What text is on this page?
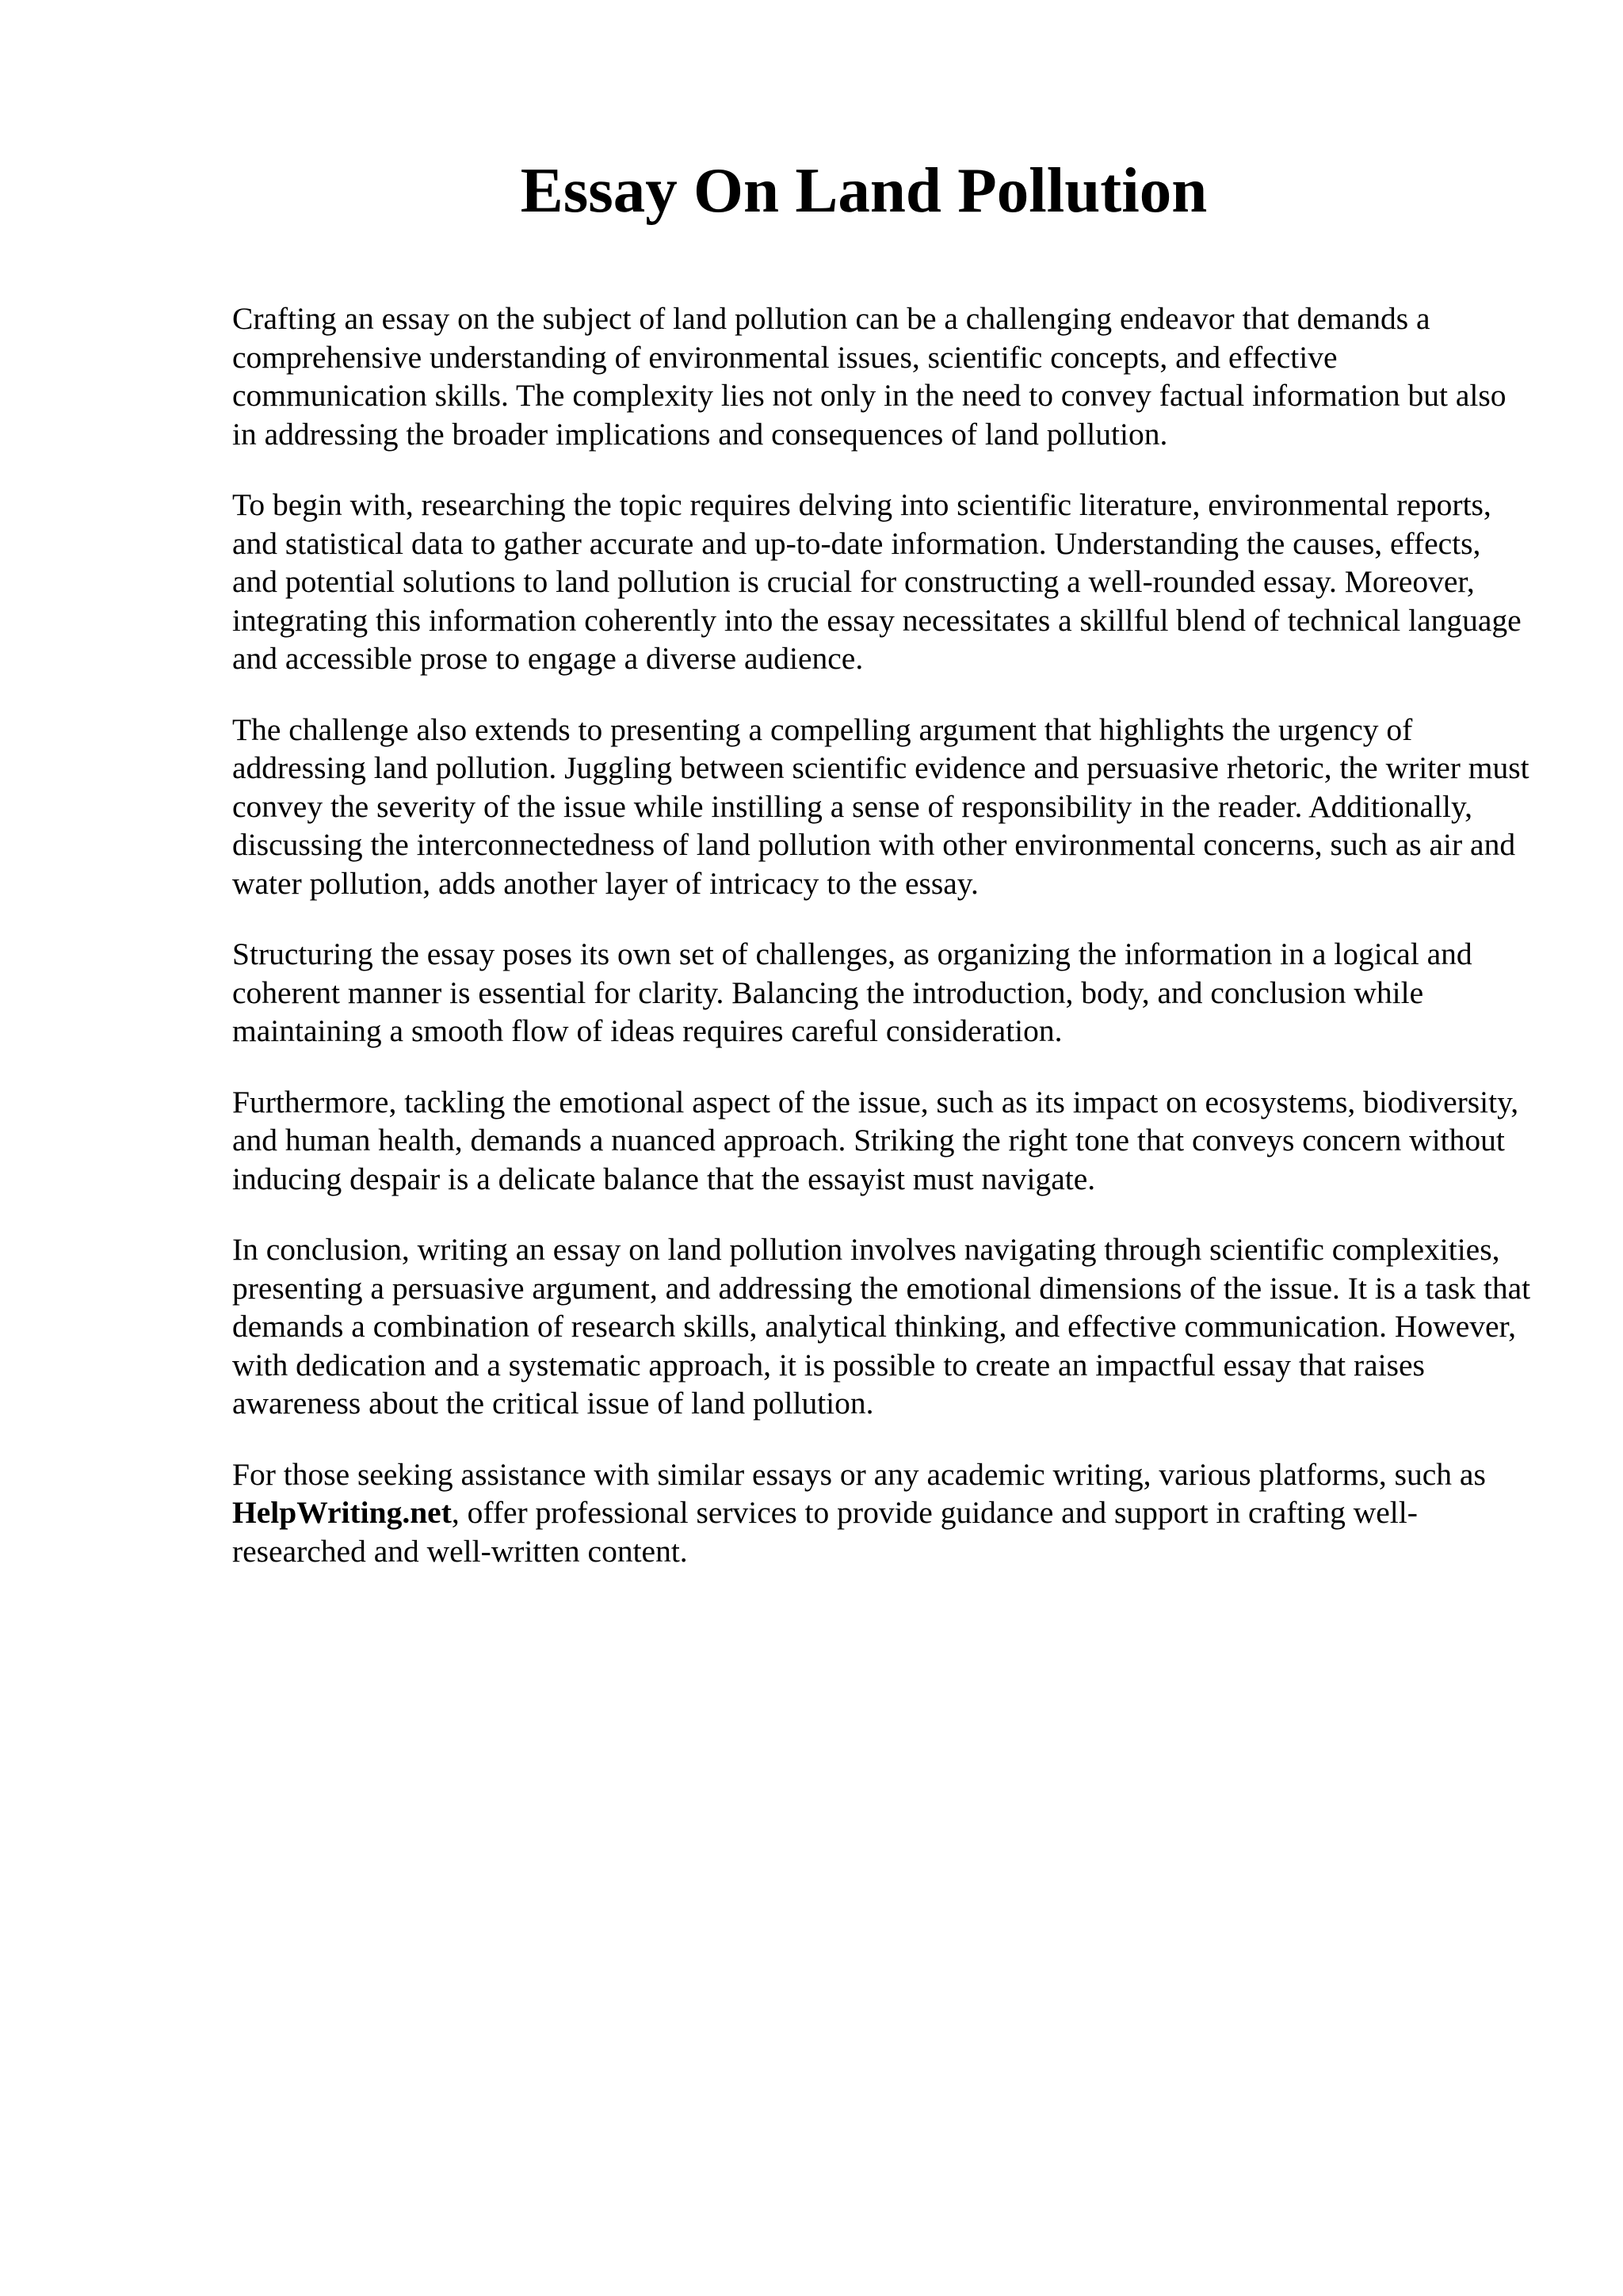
Essay On Land Pollution

Crafting an essay on the subject of land pollution can be a challenging endeavor that demands a comprehensive understanding of environmental issues, scientific concepts, and effective communication skills. The complexity lies not only in the need to convey factual information but also in addressing the broader implications and consequences of land pollution.

To begin with, researching the topic requires delving into scientific literature, environmental reports, and statistical data to gather accurate and up-to-date information. Understanding the causes, effects, and potential solutions to land pollution is crucial for constructing a well-rounded essay. Moreover, integrating this information coherently into the essay necessitates a skillful blend of technical language and accessible prose to engage a diverse audience.

The challenge also extends to presenting a compelling argument that highlights the urgency of addressing land pollution. Juggling between scientific evidence and persuasive rhetoric, the writer must convey the severity of the issue while instilling a sense of responsibility in the reader. Additionally, discussing the interconnectedness of land pollution with other environmental concerns, such as air and water pollution, adds another layer of intricacy to the essay.

Structuring the essay poses its own set of challenges, as organizing the information in a logical and coherent manner is essential for clarity. Balancing the introduction, body, and conclusion while maintaining a smooth flow of ideas requires careful consideration.

Furthermore, tackling the emotional aspect of the issue, such as its impact on ecosystems, biodiversity, and human health, demands a nuanced approach. Striking the right tone that conveys concern without inducing despair is a delicate balance that the essayist must navigate.

In conclusion, writing an essay on land pollution involves navigating through scientific complexities, presenting a persuasive argument, and addressing the emotional dimensions of the issue. It is a task that demands a combination of research skills, analytical thinking, and effective communication. However, with dedication and a systematic approach, it is possible to create an impactful essay that raises awareness about the critical issue of land pollution.

For those seeking assistance with similar essays or any academic writing, various platforms, such as HelpWriting.net, offer professional services to provide guidance and support in crafting well-researched and well-written content.
